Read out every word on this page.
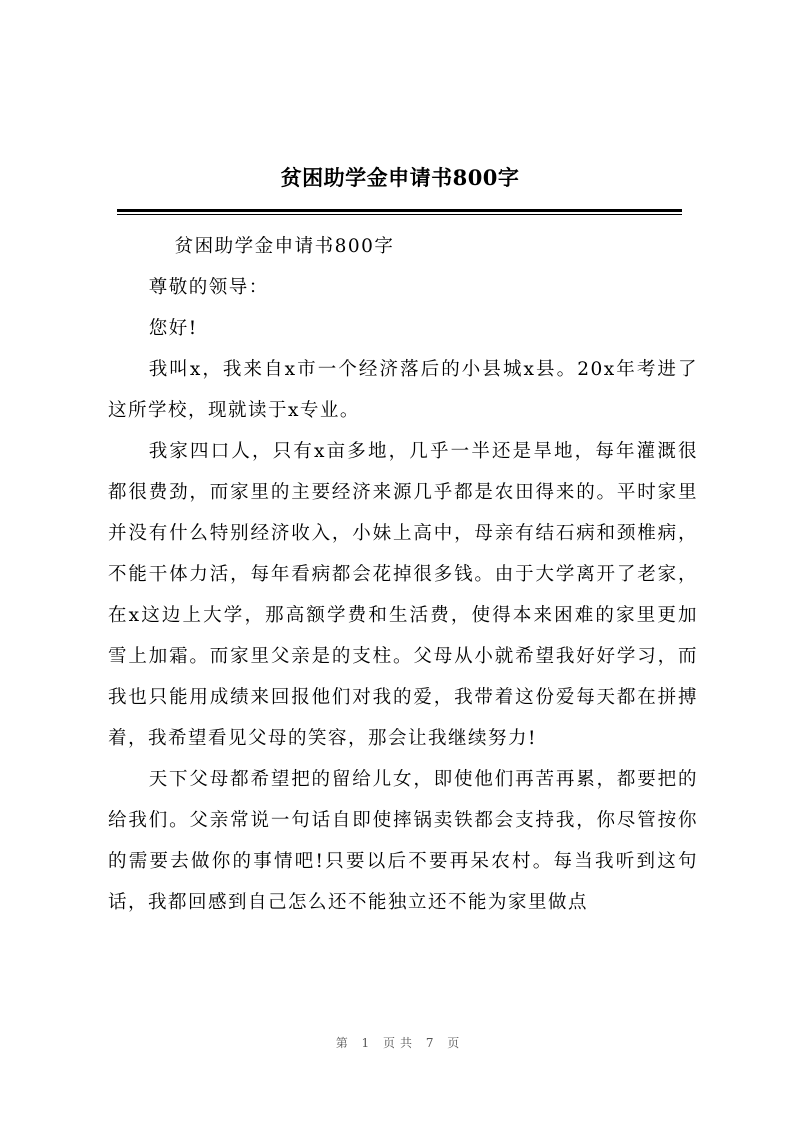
贫困助学金申请书800字

贫困助学金申请书800字

尊敬的领导：

您好!

我叫x，我来自x市一个经济落后的小县城x县。20x年考进了这所学校，现就读于x专业。

我家四口人，只有x亩多地，几乎一半还是旱地，每年灌溉很都很费劲，而家里的主要经济来源几乎都是农田得来的。平时家里并没有什么特别经济收入，小妹上高中，母亲有结石病和颈椎病，不能干体力活，每年看病都会花掉很多钱。由于大学离开了老家，在x这边上大学，那高额学费和生活费，使得本来困难的家里更加雪上加霜。而家里父亲是的支柱。父母从小就希望我好好学习，而我也只能用成绩来回报他们对我的爱，我带着这份爱每天都在拼搏着，我希望看见父母的笑容，那会让我继续努力!

天下父母都希望把的留给儿女，即使他们再苦再累，都要把的给我们。父亲常说一句话自即使摔锅卖铁都会支持我，你尽管按你的需要去做你的事情吧!只要以后不要再呆农村。每当我听到这句话，我都回感到自己怎么还不能独立还不能为家里做点

第 1 页共 7 页
